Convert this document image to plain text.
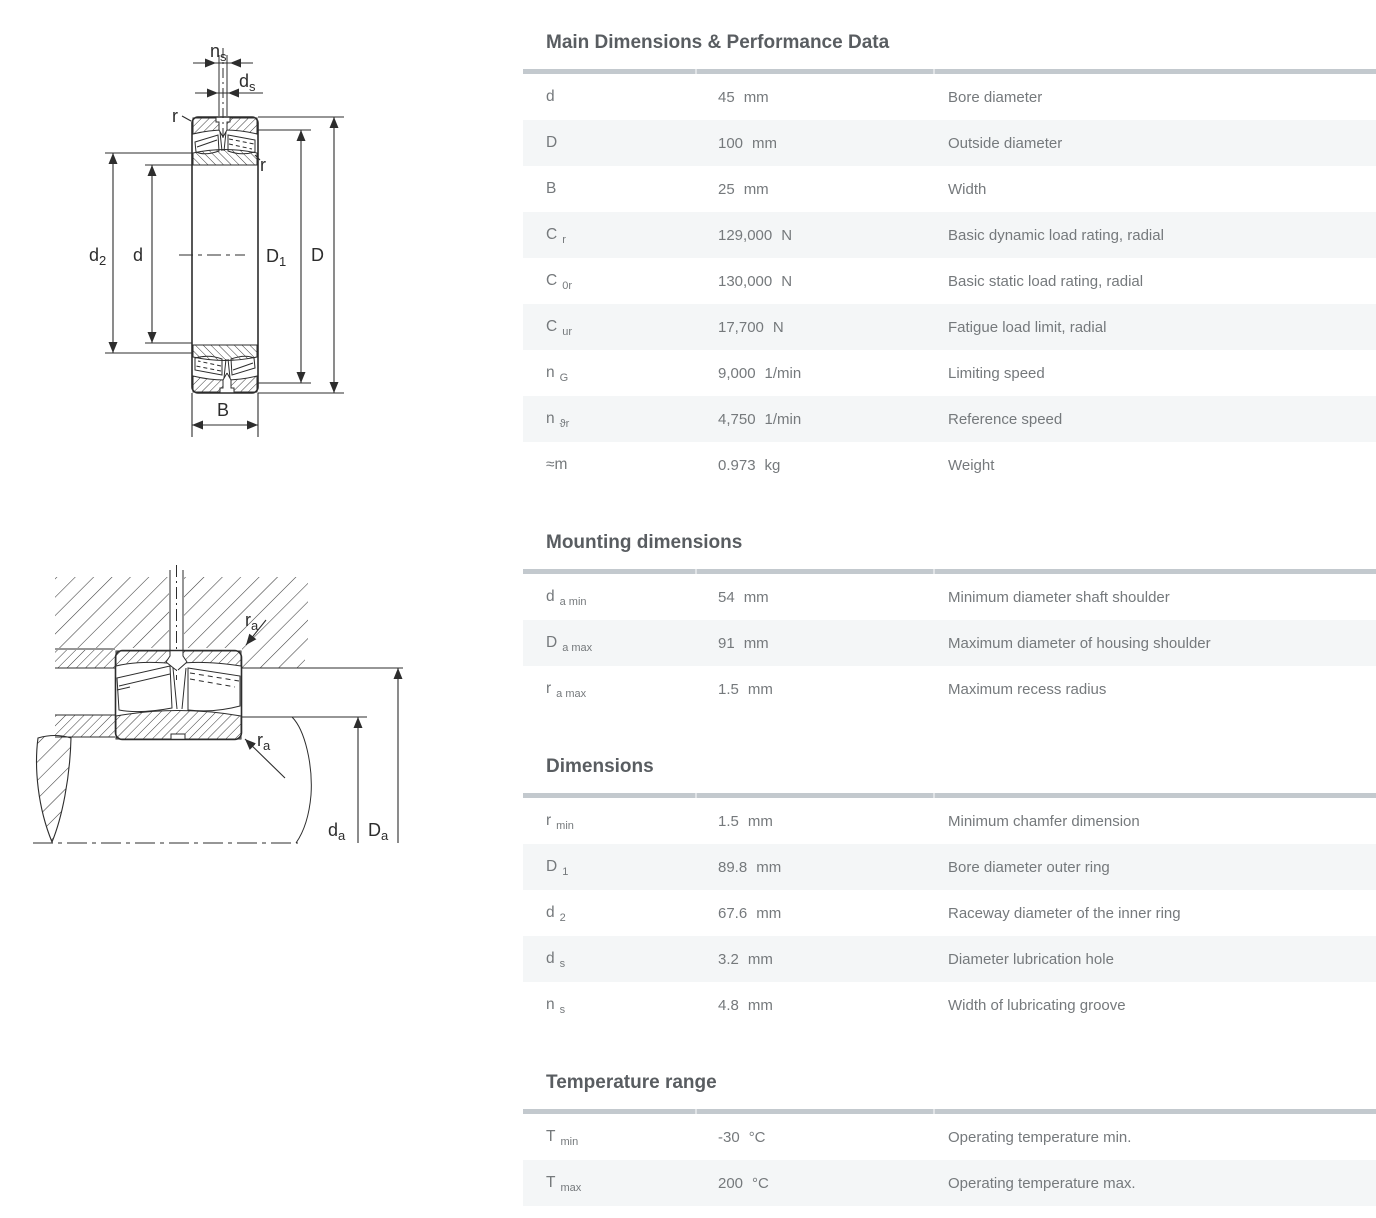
$n_s$
$d_s$
r
r
$d_2$ d	$D_1$ D
B
$r_a$
$r_a$
$d_a$ $D_a$
Main Dimensions & Performance Data
d	45 mm	Bore diameter
D	100 mm	Outside diameter
B	25 mm	Width
C $_r$	129,000 N	Basic dynamic load rating, radial
C $_{0r}$	130,000 N	Basic static load rating, radial
C $_{ur}$	17,700 N	Fatigue load limit, radial
n $_G$	9,000 1/min	Limiting speed
n $_{ϑr}$	4,750 1/min	Reference speed
≈m	0.973 kg	Weight
Mounting dimensions
d $_{a min}$	54 mm	Minimum diameter shaft shoulder
D $_{a max}$	91 mm	Maximum diameter of housing shoulder
r $_{a max}$	1.5 mm	Maximum recess radius
Dimensions
r $_{min}$	1.5 mm	Minimum chamfer dimension
D $_1$	89.8 mm	Bore diameter outer ring
d $_2$	67.6 mm	Raceway diameter of the inner ring
d $_s$	3.2 mm	Diameter lubrication hole
n $_s$	4.8 mm	Width of lubricating groove
Temperature range
T $_{min}$	-30 °C	Operating temperature min.
T $_{max}$	200 °C	Operating temperature max.
